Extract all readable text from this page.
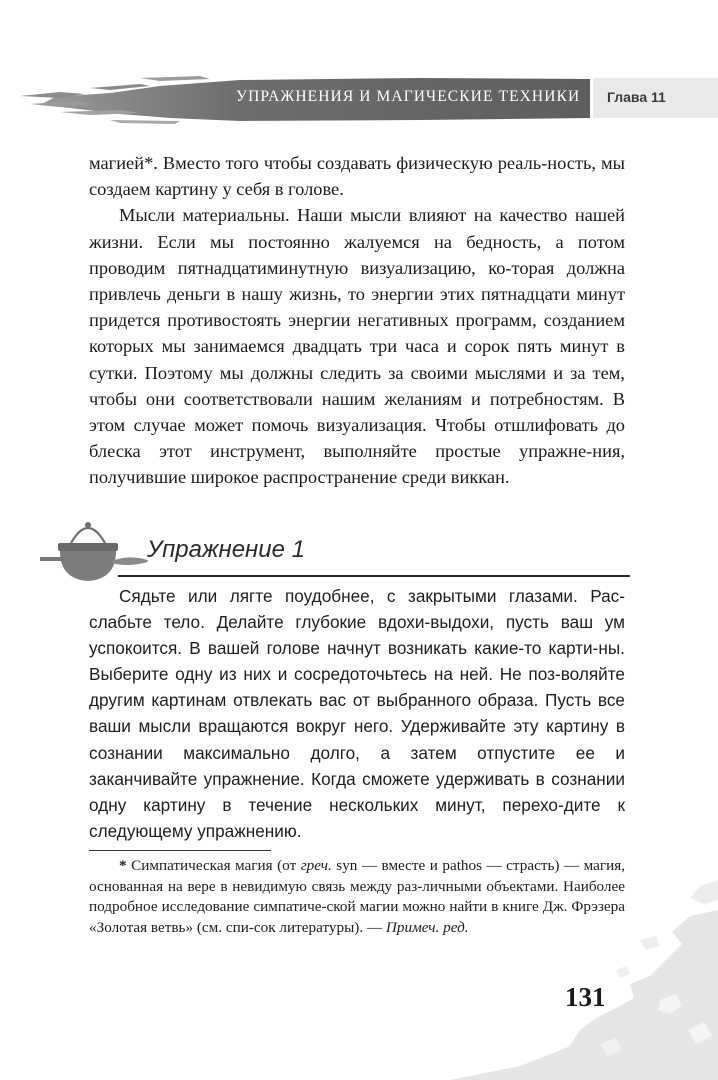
УПРАЖНЕНИЯ И МАГИЧЕСКИЕ ТЕХНИКИ Глава 11

магией*. Вместо того чтобы создавать физическую реаль-ность, мы создаем картину у себя в голове.

Мысли материальны. Наши мысли влияют на качество нашей жизни. Если мы постоянно жалуемся на бедность, а потом проводим пятнадцатиминутную визуализацию, ко-торая должна привлечь деньги в нашу жизнь, то энергии этих пятнадцати минут придется противостоять энергии негативных программ, созданием которых мы занимаемся двадцать три часа и сорок пять минут в сутки. Поэтому мы должны следить за своими мыслями и за тем, чтобы они соответствовали нашим желаниям и потребностям. В этом случае может помочь визуализация. Чтобы отшлифовать до блеска этот инструмент, выполняйте простые упражне-ния, получившие широкое распространение среди виккан.

Упражнение 1

Сядьте или лягте поудобнее, с закрытыми глазами. Рас-слабьте тело. Делайте глубокие вдохи-выдохи, пусть ваш ум успокоится. В вашей голове начнут возникать какие-то карти-ны. Выберите одну из них и сосредоточьтесь на ней. Не поз-воляйте другим картинам отвлекать вас от выбранного образа. Пусть все ваши мысли вращаются вокруг него. Удерживайте эту картину в сознании максимально долго, а затем отпустите ее и заканчивайте упражнение. Когда сможете удерживать в сознании одну картину в течение нескольких минут, перехо-дите к следующему упражнению.

* Симпатическая магия (от греч. syn — вместе и pathos — страсть) — магия, основанная на вере в невидимую связь между раз-личными объектами. Наиболее подробное исследование симпатиче-ской магии можно найти в книге Дж. Фрэзера «Золотая ветвь» (см. спи-сок литературы). — Примеч. ред.

131
